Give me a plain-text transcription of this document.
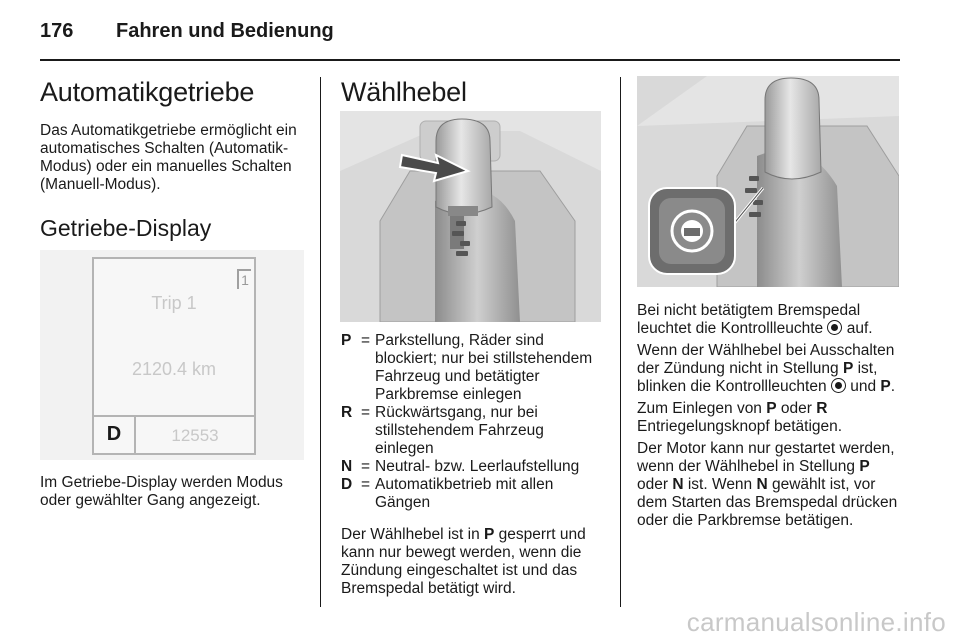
176 Fahren und Bedienung
Automatikgetriebe

Das Automatikgetriebe ermöglicht ein automatisches Schalten (Automatik-Modus) oder ein manuelles Schalten (Manuell-Modus).

Getriebe-Display
1
Trip 1
2120.4 km
D	12553

Im Getriebe-Display werden Modus oder gewählter Gang angezeigt.

Wählhebel
P = Parkstellung, Räder sind blockiert; nur bei stillstehendem Fahrzeug und betätigter Parkbremse einlegen
R = Rückwärtsgang, nur bei stillstehendem Fahrzeug einlegen
N = Neutral- bzw. Leerlaufstellung
D = Automatikbetrieb mit allen Gängen

Der Wählhebel ist in P gesperrt und kann nur bewegt werden, wenn die Zündung eingeschaltet ist und das Bremspedal betätigt wird.

Bei nicht betätigtem Bremspedal leuchtet die Kontrollleuchte  auf.

Wenn der Wählhebel bei Ausschalten der Zündung nicht in Stellung P ist, blinken die Kontrollleuchten  und P.

Zum Einlegen von P oder R Entriegelungsknopf betätigen.

Der Motor kann nur gestartet werden, wenn der Wählhebel in Stellung P oder N ist. Wenn N gewählt ist, vor dem Starten das Bremspedal drücken oder die Parkbremse betätigen.

carmanualsonline.info
